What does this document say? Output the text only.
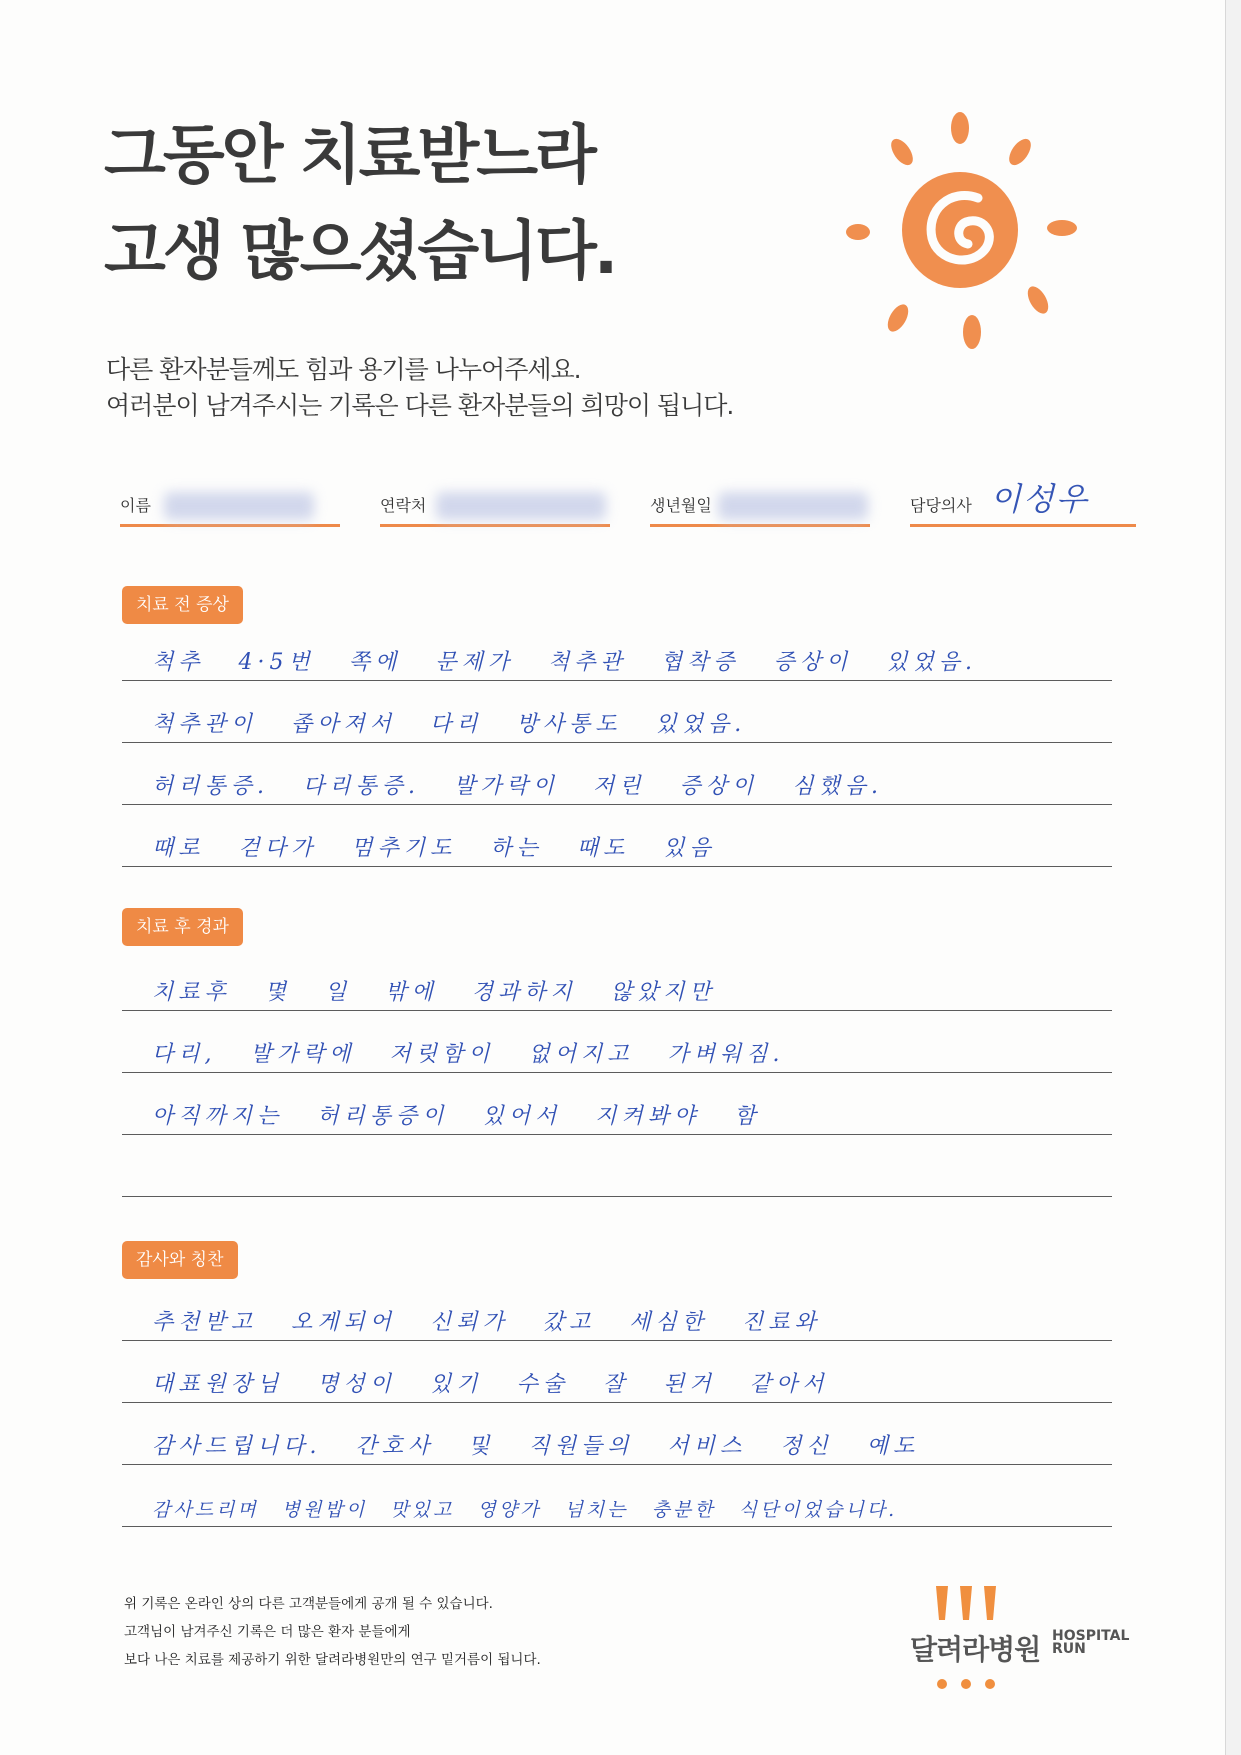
그동안 치료받느라
고생 많으셨습니다.
다른 환자분들께도 힘과 용기를 나누어주세요.
여러분이 남겨주시는 기록은 다른 환자분들의 희망이 됩니다.
이름	연락처	생년월일	담당의사 이성우
치료 전 증상
척추 4·5번 쪽에 문제가 척추관 협착증 증상이 있었음.
척추관이 좁아져서 다리 방사통도 있었음.
허리통증. 다리통증. 발가락이 저린 증상이 심했음.
때로 걷다가 멈추기도 하는 때도 있음
치료 후 경과
치료후 몇 일 밖에 경과하지 않았지만
다리, 발가락에 저릿함이 없어지고 가벼워짐.
아직까지는 허리통증이 있어서 지켜봐야 함
감사와 칭찬
추천받고 오게되어 신뢰가 갔고 세심한 진료와
대표원장님 명성이 있기 수술 잘 된거 같아서
감사드립니다. 간호사 및 직원들의 서비스 정신 예도
감사드리며 병원밥이 맛있고 영양가 넘치는 충분한 식단이었습니다.
위 기록은 온라인 상의 다른 고객분들에게 공개 될 수 있습니다.
고객님이 남겨주신 기록은 더 많은 환자 분들에게
보다 나은 치료를 제공하기 위한 달려라병원만의 연구 밑거름이 됩니다.	달려라병원 HOSPITAL
RUN
